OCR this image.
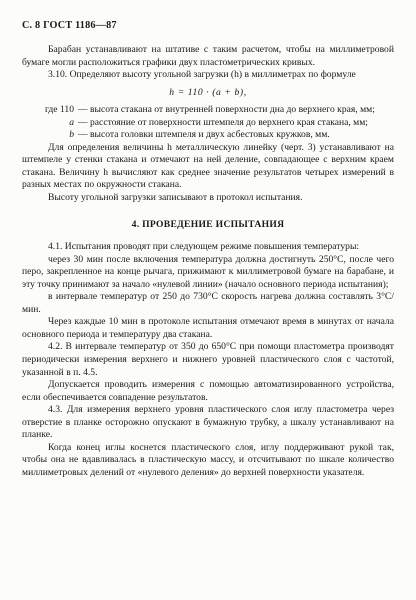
С. 8 ГОСТ 1186—87

Барабан устанавливают на штативе с таким расчетом, чтобы на миллиметровой бумаге могли расположиться графики двух пластометрических кривых.

3.10. Определяют высоту угольной загрузки (h) в миллиметрах по формуле

h = 110 · (a + b),
где 110 — высота стакана от внутренней поверхности дна до верхнего края, мм;
a — расстояние от поверхности штемпеля до верхнего края стакана, мм;
b — высота головки штемпеля и двух асбестовых кружков, мм.

Для определения величины h металлическую линейку (черт. 3) устанавливают на штемпеле у стенки стакана и отмечают на ней деление, совпадающее с верхним краем стакана. Величину h вычисляют как среднее значение результатов четырех измерений в разных местах по окружности стакана.

Высоту угольной загрузки записывают в протокол испытания.

4. ПРОВЕДЕНИЕ ИСПЫТАНИЯ

4.1. Испытания проводят при следующем режиме повышения температуры:

через 30 мин после включения температура должна достигнуть 250°С, после чего перо, закрепленное на конце рычага, прижимают к миллиметровой бумаге на барабане, и эту точку принимают за начало «нулевой линии» (начало основного периода испытания);

в интервале температур от 250 до 730°С скорость нагрева должна составлять 3°С/мин.

Через каждые 10 мин в протоколе испытания отмечают время в минутах от начала основного периода и температуру два стакана.

4.2. В интервале температур от 350 до 650°С при помощи пластометра производят периодически измерения верхнего и нижнего уровней пластического слоя с частотой, указанной в п. 4.5.

Допускается проводить измерения с помощью автоматизированного устройства, если обеспечивается совпадение результатов.

4.3. Для измерения верхнего уровня пластического слоя иглу пластометра через отверстие в планке осторожно опускают в бумажную трубку, а шкалу устанавливают на планке.

Когда конец иглы коснется пластического слоя, иглу поддерживают рукой так, чтобы она не вдавливалась в пластическую массу, и отсчитывают по шкале количество миллиметровых делений от «нулевого деления» до верхней поверхности указателя.
